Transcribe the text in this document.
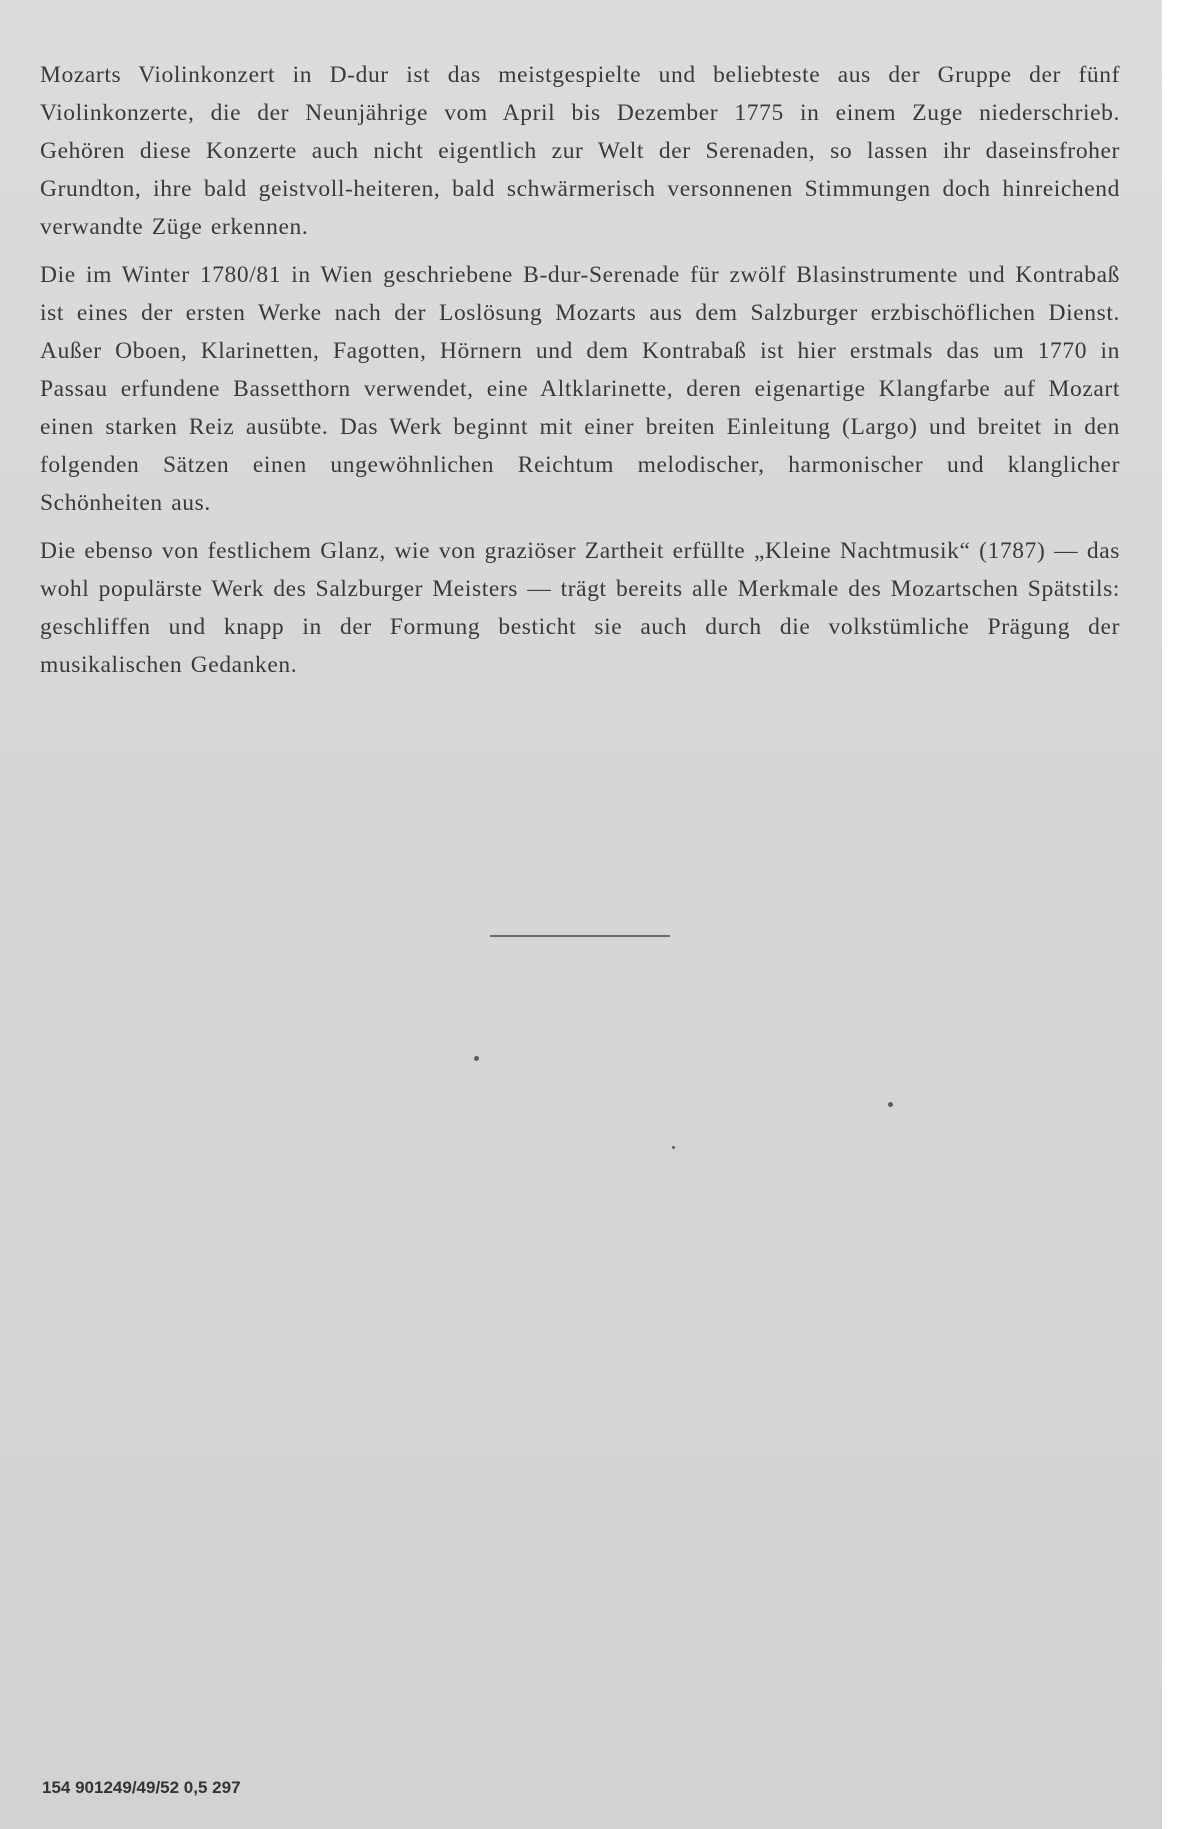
Mozarts Violinkonzert in D-dur ist das meistgespielte und beliebteste aus der Gruppe der fünf Violinkonzerte, die der Neunjährige vom April bis Dezember 1775 in einem Zuge niederschrieb. Gehören diese Konzerte auch nicht eigentlich zur Welt der Serenaden, so lassen ihr daseinsfroher Grundton, ihre bald geistvoll-heiteren, bald schwärmerisch versonnenen Stimmungen doch hinreichend verwandte Züge erkennen.

Die im Winter 1780/81 in Wien geschriebene B-dur-Serenade für zwölf Blasinstrumente und Kontrabaß ist eines der ersten Werke nach der Loslösung Mozarts aus dem Salzburger erzbischöflichen Dienst. Außer Oboen, Klarinetten, Fagotten, Hörnern und dem Kontrabaß ist hier erstmals das um 1770 in Passau erfundene Bassetthorn verwendet, eine Altklarinette, deren eigenartige Klangfarbe auf Mozart einen starken Reiz ausübte. Das Werk beginnt mit einer breiten Einleitung (Largo) und breitet in den folgenden Sätzen einen ungewöhnlichen Reichtum melodischer, harmonischer und klanglicher Schönheiten aus.

Die ebenso von festlichem Glanz, wie von graziöser Zartheit erfüllte „Kleine Nachtmusik“ (1787) — das wohl populärste Werk des Salzburger Meisters — trägt bereits alle Merkmale des Mozartschen Spätstils: geschliffen und knapp in der Formung besticht sie auch durch die volkstümliche Prägung der musikalischen Gedanken.

154 901249/49/52 0,5 297
